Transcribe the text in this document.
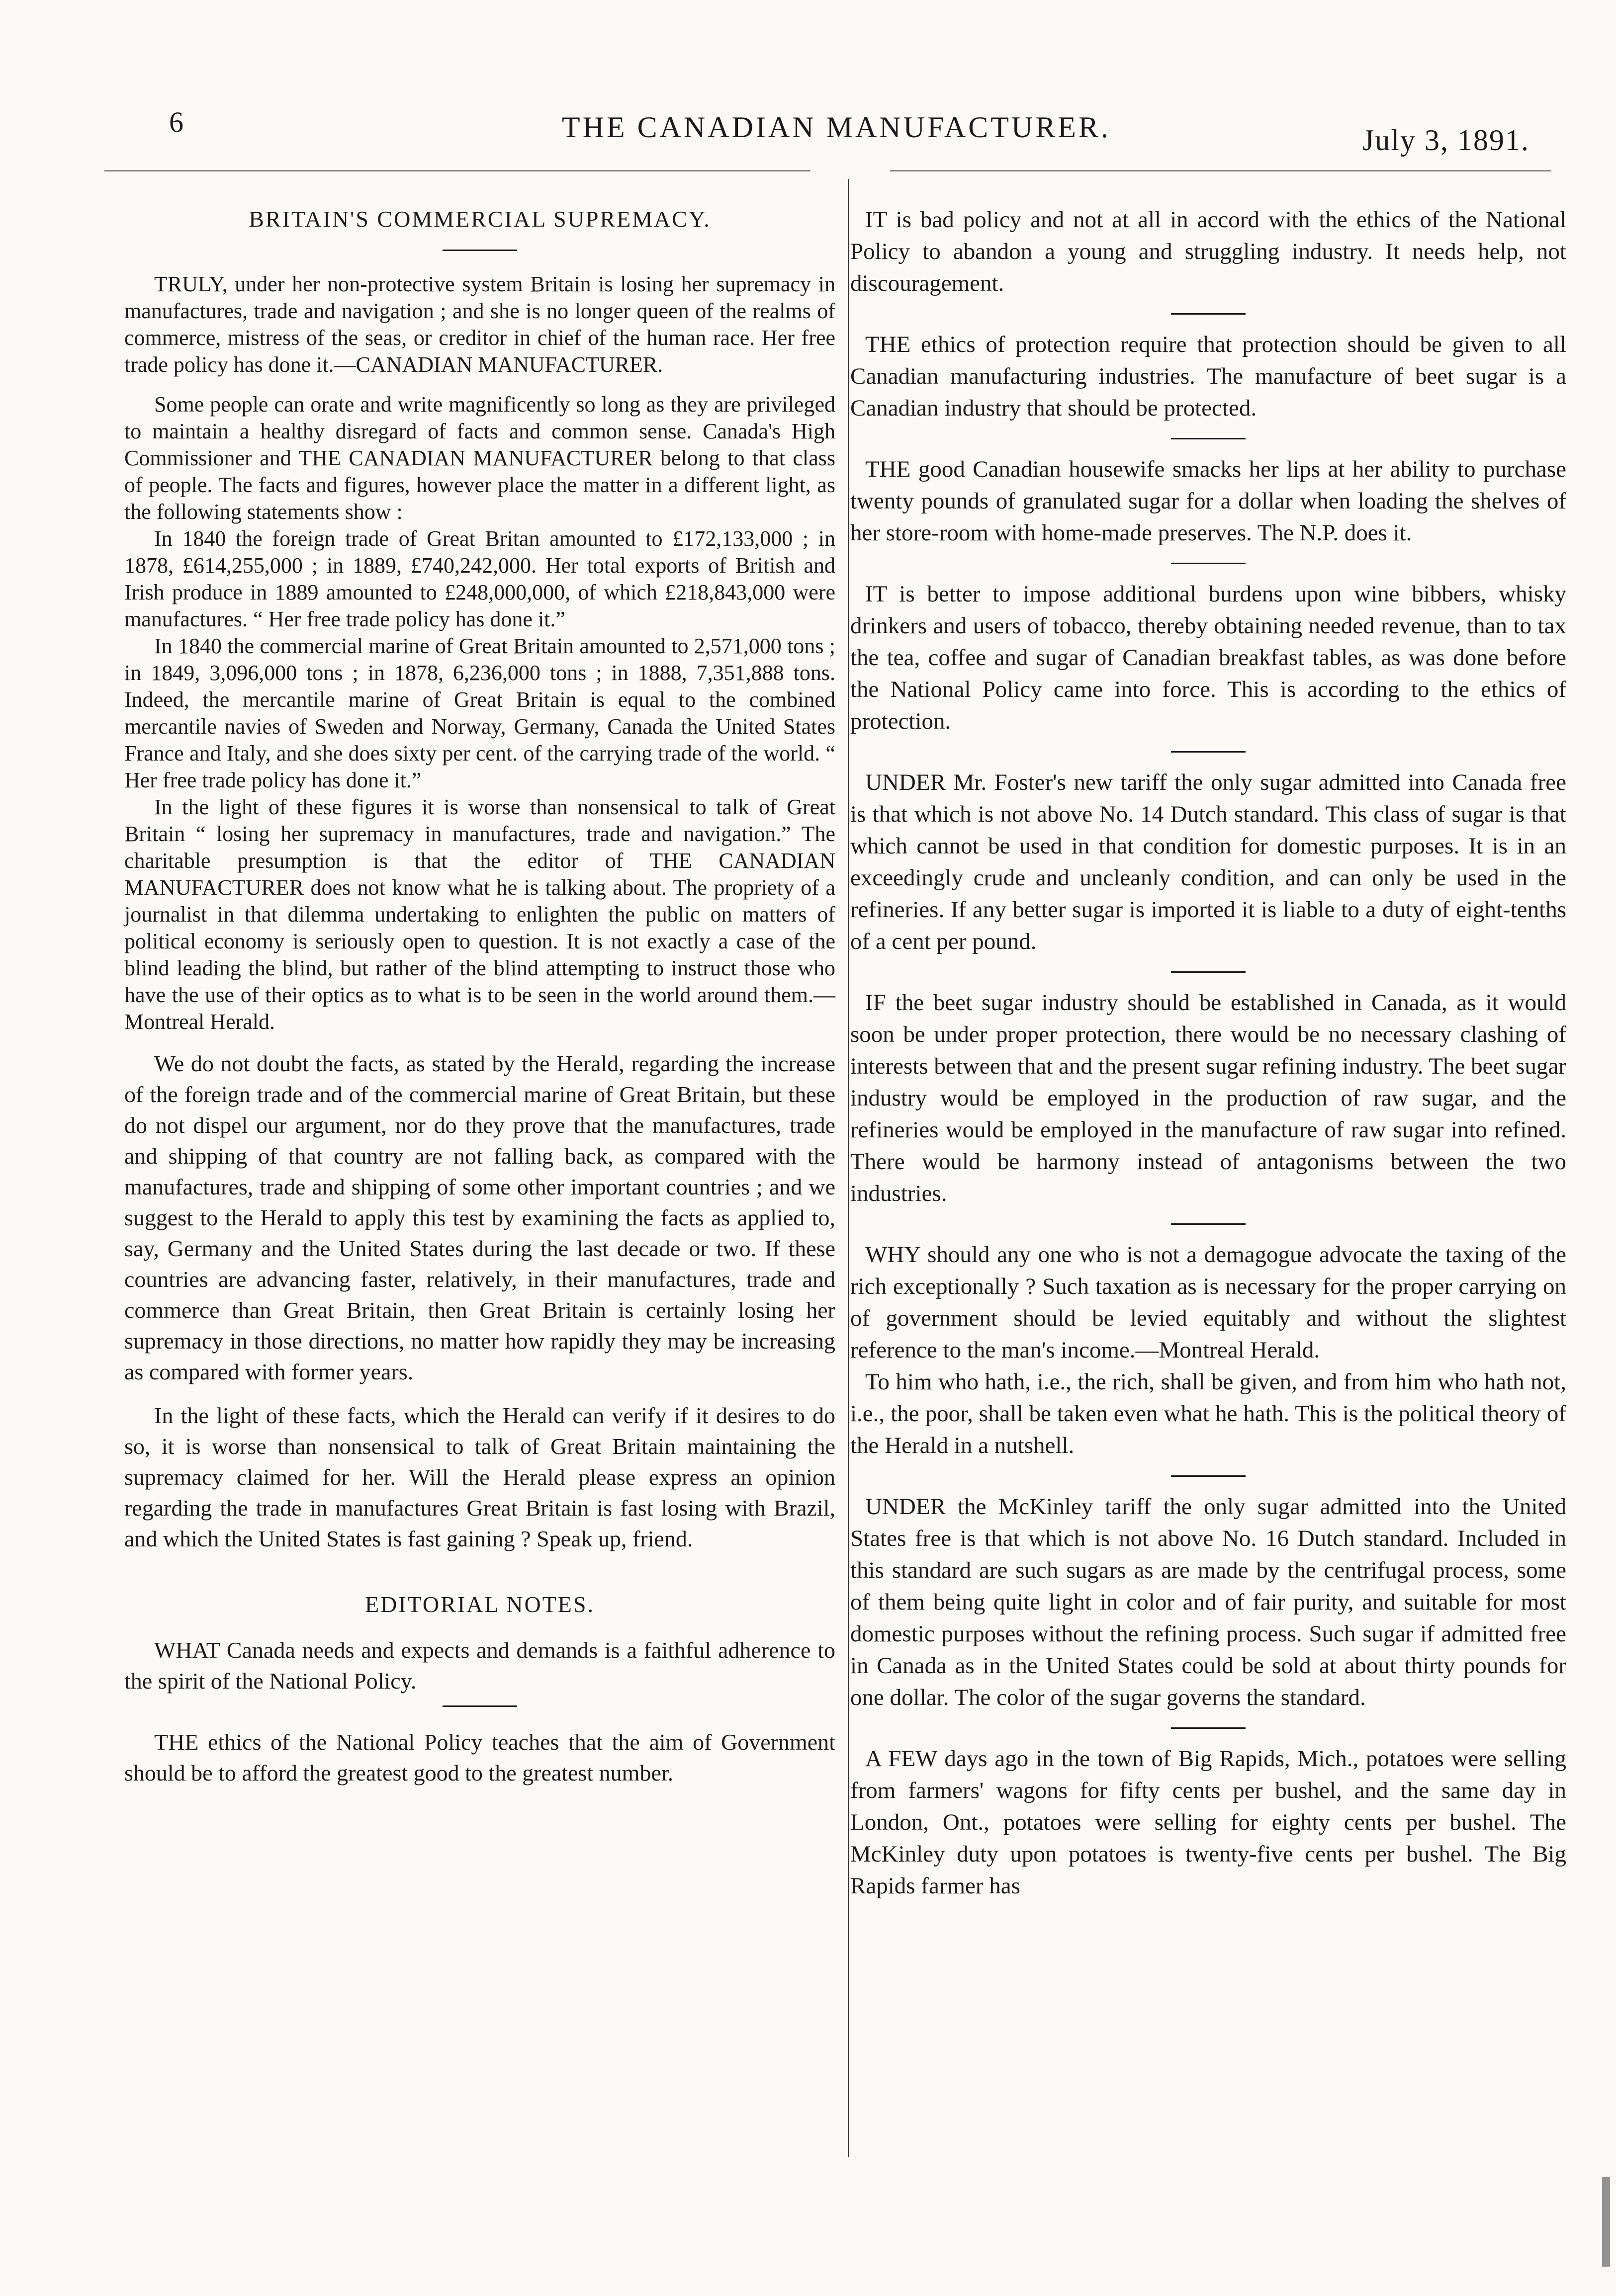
6	THE CANADIAN MANUFACTURER.	July 3, 1891.
BRITAIN'S COMMERCIAL SUPREMACY.

TRULY, under her non-protective system Britain is losing her supremacy in manufactures, trade and navigation ; and she is no longer queen of the realms of commerce, mistress of the seas, or creditor in chief of the human race. Her free trade policy has done it.—CANADIAN MANUFACTURER.

Some people can orate and write magnificently so long as they are privileged to maintain a healthy disregard of facts and common sense. Canada's High Commissioner and THE CANADIAN MANUFACTURER belong to that class of people. The facts and figures, however place the matter in a different light, as the following statements show :

In 1840 the foreign trade of Great Britan amounted to £172,133,000 ; in 1878, £614,255,000 ; in 1889, £740,242,000. Her total exports of British and Irish produce in 1889 amounted to £248,000,000, of which £218,843,000 were manufactures. “ Her free trade policy has done it.”

In 1840 the commercial marine of Great Britain amounted to 2,571,000 tons ; in 1849, 3,096,000 tons ; in 1878, 6,236,000 tons ; in 1888, 7,351,888 tons. Indeed, the mercantile marine of Great Britain is equal to the combined mercantile navies of Sweden and Norway, Germany, Canada the United States France and Italy, and she does sixty per cent. of the carrying trade of the world. “ Her free trade policy has done it.”

In the light of these figures it is worse than nonsensical to talk of Great Britain “ losing her supremacy in manufactures, trade and navigation.” The charitable presumption is that the editor of THE CANADIAN MANUFACTURER does not know what he is talking about. The propriety of a journalist in that dilemma undertaking to enlighten the public on matters of political economy is seriously open to question. It is not exactly a case of the blind leading the blind, but rather of the blind attempting to instruct those who have the use of their optics as to what is to be seen in the world around them.—Montreal Herald.

We do not doubt the facts, as stated by the Herald, regarding the increase of the foreign trade and of the commercial marine of Great Britain, but these do not dispel our argument, nor do they prove that the manufactures, trade and shipping of that country are not falling back, as compared with the manufactures, trade and shipping of some other important countries ; and we suggest to the Herald to apply this test by examining the facts as applied to, say, Germany and the United States during the last decade or two. If these countries are advancing faster, relatively, in their manufactures, trade and commerce than Great Britain, then Great Britain is certainly losing her supremacy in those directions, no matter how rapidly they may be increasing as compared with former years.

In the light of these facts, which the Herald can verify if it desires to do so, it is worse than nonsensical to talk of Great Britain maintaining the supremacy claimed for her. Will the Herald please express an opinion regarding the trade in manufactures Great Britain is fast losing with Brazil, and which the United States is fast gaining ? Speak up, friend.

EDITORIAL NOTES.

WHAT Canada needs and expects and demands is a faithful adherence to the spirit of the National Policy.

THE ethics of the National Policy teaches that the aim of Government should be to afford the greatest good to the greatest number.

IT is bad policy and not at all in accord with the ethics of the National Policy to abandon a young and struggling industry. It needs help, not discouragement.

THE ethics of protection require that protection should be given to all Canadian manufacturing industries. The manufacture of beet sugar is a Canadian industry that should be protected.

THE good Canadian housewife smacks her lips at her ability to purchase twenty pounds of granulated sugar for a dollar when loading the shelves of her store-room with home-made preserves. The N.P. does it.

IT is better to impose additional burdens upon wine bibbers, whisky drinkers and users of tobacco, thereby obtaining needed revenue, than to tax the tea, coffee and sugar of Canadian breakfast tables, as was done before the National Policy came into force. This is according to the ethics of protection.

UNDER Mr. Foster's new tariff the only sugar admitted into Canada free is that which is not above No. 14 Dutch standard. This class of sugar is that which cannot be used in that condition for domestic purposes. It is in an exceedingly crude and uncleanly condition, and can only be used in the refineries. If any better sugar is imported it is liable to a duty of eight-tenths of a cent per pound.

IF the beet sugar industry should be established in Canada, as it would soon be under proper protection, there would be no necessary clashing of interests between that and the present sugar refining industry. The beet sugar industry would be employed in the production of raw sugar, and the refineries would be employed in the manufacture of raw sugar into refined. There would be harmony instead of antagonisms between the two industries.

WHY should any one who is not a demagogue advocate the taxing of the rich exceptionally ? Such taxation as is necessary for the proper carrying on of government should be levied equitably and without the slightest reference to the man's income.—Montreal Herald.

To him who hath, i.e., the rich, shall be given, and from him who hath not, i.e., the poor, shall be taken even what he hath. This is the political theory of the Herald in a nutshell.

UNDER the McKinley tariff the only sugar admitted into the United States free is that which is not above No. 16 Dutch standard. Included in this standard are such sugars as are made by the centrifugal process, some of them being quite light in color and of fair purity, and suitable for most domestic purposes without the refining process. Such sugar if admitted free in Canada as in the United States could be sold at about thirty pounds for one dollar. The color of the sugar governs the standard.

A FEW days ago in the town of Big Rapids, Mich., potatoes were selling from farmers' wagons for fifty cents per bushel, and the same day in London, Ont., potatoes were selling for eighty cents per bushel. The McKinley duty upon potatoes is twenty-five cents per bushel. The Big Rapids farmer has
